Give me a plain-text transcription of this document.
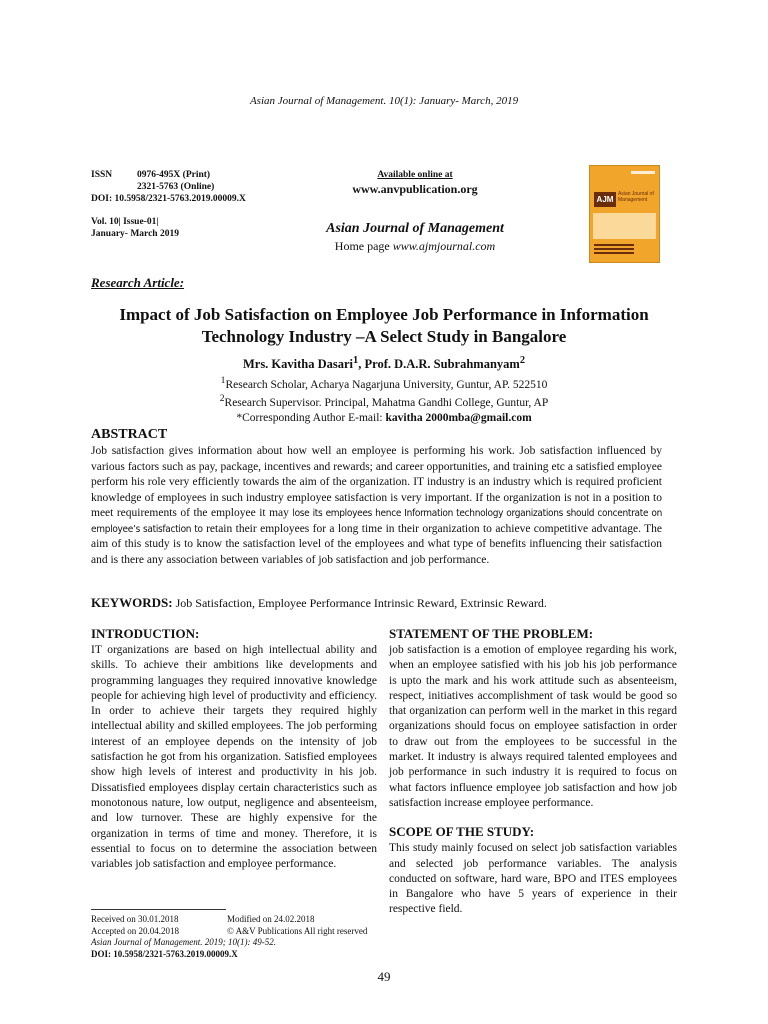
Asian Journal of Management. 10(1): January- March, 2019
ISSN	0976-495X (Print)
2321-5763 (Online)
DOI: 10.5958/2321-5763.2019.00009.X
Vol. 10| Issue-01|
January- March 2019
Available online at
www.anvpublication.org
Asian Journal of Management
Home page www.ajmjournal.com
AJM
Asian Journal of Management
Research Article:
Impact of Job Satisfaction on Employee Job Performance in Information Technology Industry –A Select Study in Bangalore
Mrs. Kavitha Dasari$^1$, Prof. D.A.R. Subrahmanyam$^2$
$^1$Research Scholar, Acharya Nagarjuna University, Guntur, AP. 522510
$^2$Research Supervisor. Principal, Mahatma Gandhi College, Guntur, AP
*Corresponding Author E-mail: kavitha 2000mba@gmail.com
ABSTRACT
Job satisfaction gives information about how well an employee is performing his work. Job satisfaction influenced by various factors such as pay, package, incentives and rewards; and career opportunities, and training etc a satisfied employee perform his role very efficiently towards the aim of the organization. IT industry is an industry which is required proficient knowledge of employees in such industry employee satisfaction is very important. If the organization is not in a position to meet requirements of the employee it may lose its employees hence Information technology organizations should concentrate on employee’s satisfaction to retain their employees for a long time in their organization to achieve competitive advantage. The aim of this study is to know the satisfaction level of the employees and what type of benefits influencing their satisfaction and is there any association between variables of job satisfaction and job performance.
KEYWORDS: Job Satisfaction, Employee Performance Intrinsic Reward, Extrinsic Reward.
INTRODUCTION:

IT organizations are based on high intellectual ability and skills. To achieve their ambitions like developments and programming languages they required innovative knowledge people for achieving high level of productivity and efficiency. In order to achieve their targets they required highly intellectual ability and skilled employees. The job performing interest of an employee depends on the intensity of job satisfaction he got from his organization. Satisfied employees show high levels of interest and productivity in his job. Dissatisfied employees display certain characteristics such as monotonous nature, low output, negligence and absenteeism, and low turnover. These are highly expensive for the organization in terms of time and money. Therefore, it is essential to focus on to determine the association between variables job satisfaction and employee performance.

STATEMENT OF THE PROBLEM:

job satisfaction is a emotion of employee regarding his work, when an employee satisfied with his job his job performance is upto the mark and his work attitude such as absenteeism, respect, initiatives accomplishment of task would be good so that organization can perform well in the market in this regard organizations should focus on employee satisfaction in order to draw out from the employees to be successful in the market. It industry is always required talented employees and job performance in such industry it is required to focus on what factors influence employee job satisfaction and how job satisfaction increase employee performance.

SCOPE OF THE STUDY:

This study mainly focused on select job satisfaction variables and selected job performance variables. The analysis conducted on software, hard ware, BPO and ITES employees in Bangalore who have 5 years of experience in their respective field.

Received on 30.01.2018	Modified on 24.02.2018
Accepted on 20.04.2018	© A&V Publications All right reserved
Asian Journal of Management. 2019; 10(1): 49-52.
DOI: 10.5958/2321-5763.2019.00009.X
49
